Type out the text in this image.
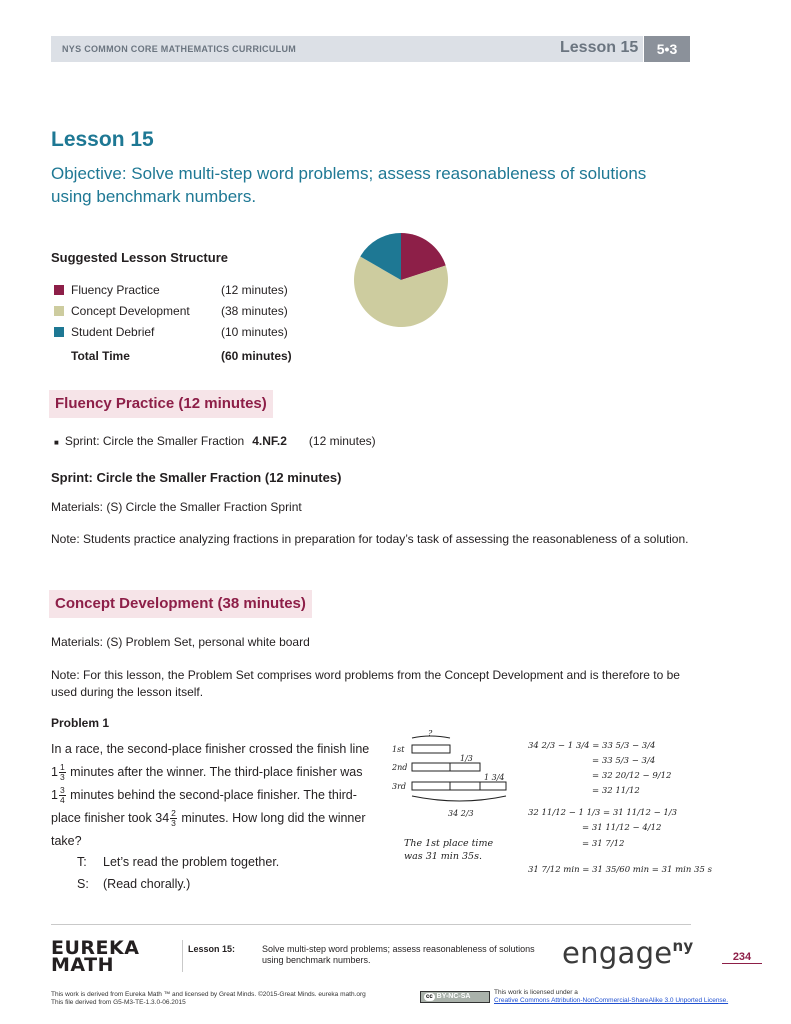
NYS COMMON CORE MATHEMATICS CURRICULUM	Lesson 15	5•3
Lesson 15
Objective: Solve multi-step word problems; assess reasonableness of solutions using benchmark numbers.
Suggested Lesson Structure
Fluency Practice	(12 minutes)
Concept Development	(38 minutes)
Student Debrief	(10 minutes)
Total Time	(60 minutes)
Fluency Practice (12 minutes)
■ Sprint: Circle the Smaller Fraction 4.NF.2 (12 minutes)
Sprint: Circle the Smaller Fraction (12 minutes)
Materials: (S) Circle the Smaller Fraction Sprint
Note: Students practice analyzing fractions in preparation for today’s task of assessing the reasonableness of a solution.
Concept Development (38 minutes)
Materials: (S) Problem Set, personal white board
Note: For this lesson, the Problem Set comprises word problems from the Concept Development and is therefore to be used during the lesson itself.
Problem 1
In a race, the second-place finisher crossed the finish line $1 \frac{1}{3}$ minutes after the winner. The third-place finisher was $1 \frac{3}{4}$ minutes behind the second-place finisher. The third-place finisher took $34 \frac{2}{3}$ minutes. How long did the winner take?
T: Let’s read the problem together.
S: (Read chorally.)
?
1st
2nd
3rd
1/3
1 3/4
34 2/3
The 1st place time
was 31 min 35s.
34 2/3 − 1 3/4 = 33 5/3 − 3/4
= 33 5/3 − 3/4
= 32 20/12 − 9/12
= 32 11/12
32 11/12 − 1 1/3 = 31 11/12 − 1/3
= 31 11/12 − 4/12
= 31 7/12
31 7/12 min = 31 35/60 min = 31 min 35 s
EUREKA
MATH
Lesson 15:	Solve multi-step word problems; assess reasonableness of solutions using benchmark numbers.	engage$^{ny}$
234
This work is derived from Eureka Math ™ and licensed by Great Minds. ©2015-Great Minds. eureka math.org
This file derived from G5-M3-TE-1.3.0-06.2015
cc BY-NC-SA
This work is licensed under a
Creative Commons Attribution-NonCommercial-ShareAlike 3.0 Unported License.
